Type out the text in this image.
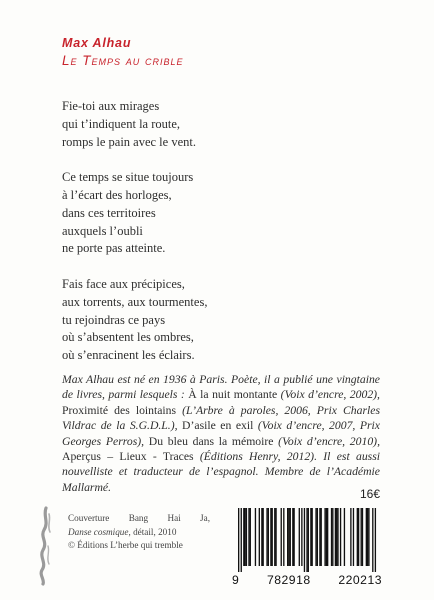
Max Alhau
Le Temps au crible
Fie-toi aux mirages
qui t’indiquent la route,
romps le pain avec le vent.
Ce temps se situe toujours
à l’écart des horloges,
dans ces territoires
auxquels l’oubli
ne porte pas atteinte.
Fais face aux précipices,
aux torrents, aux tourmentes,
tu rejoindras ce pays
où s’absentent les ombres,
où s’enracinent les éclairs.
Max Alhau est né en 1936 à Paris. Poète, il a publié une vingtaine de livres, parmi lesquels : À la nuit montante (Voix d’encre, 2002), Proximité des lointains (L’Arbre à paroles, 2006, Prix Charles Vildrac de la S.G.D.L.), D’asile en exil (Voix d’encre, 2007, Prix Georges Perros), Du bleu dans la mémoire (Voix d’encre, 2010), Aperçus – Lieux - Traces (Éditions Henry, 2012). Il est aussi nouvelliste et traducteur de l’espagnol. Membre de l’Académie Mallarmé.	16€
Couverture Bang Hai Ja,
Danse cosmique, détail, 2010
© Éditions L’herbe qui tremble
9 782918 220213
